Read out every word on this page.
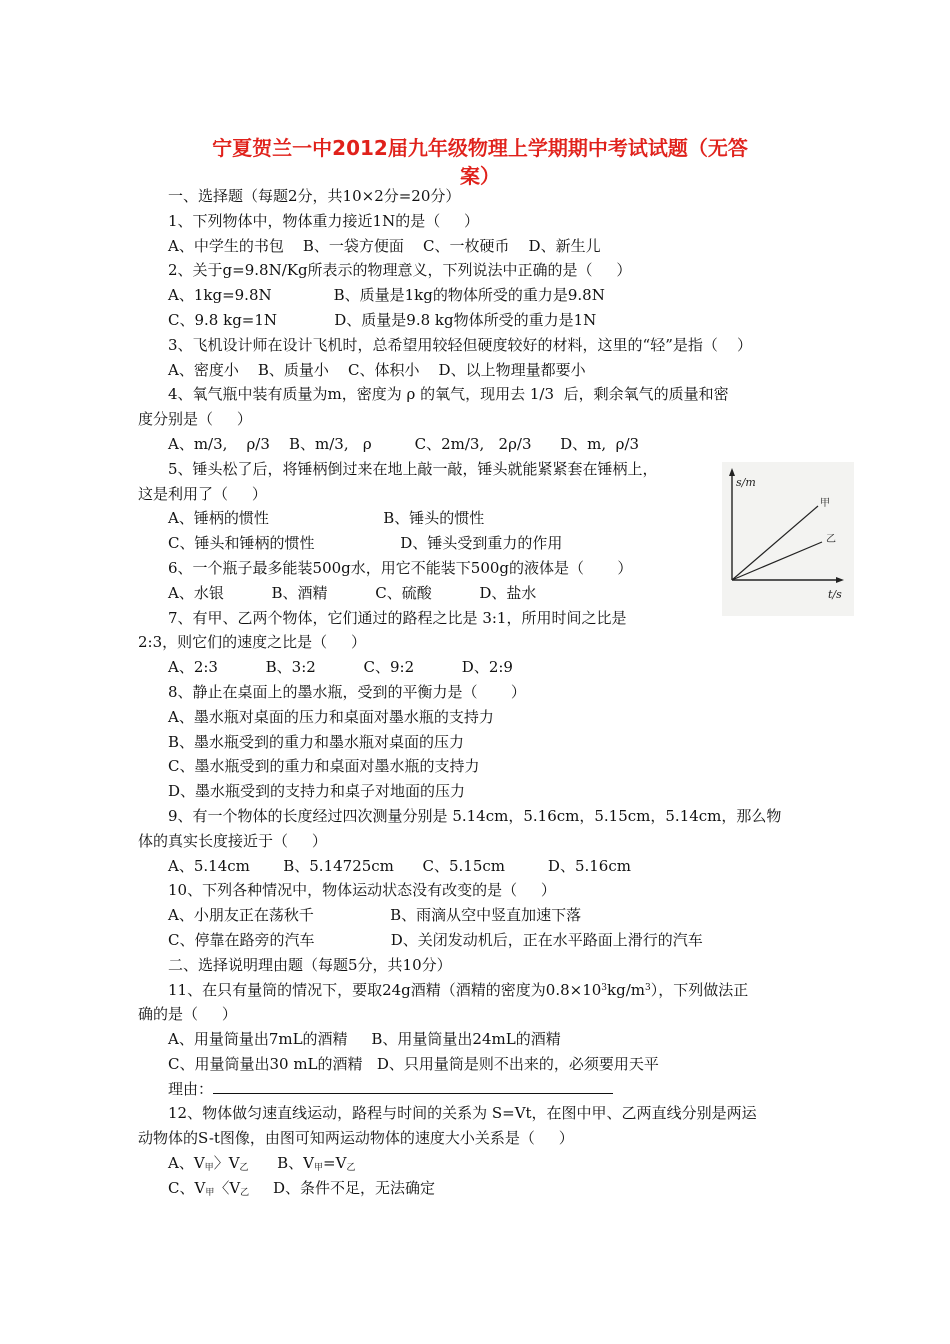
宁夏贺兰一中2012届九年级物理上学期期中考试试题（无答
案）
一、选择题（每题2分，共10×2分=20分）
1、下列物体中，物体重力接近1N的是（     ）
A、中学生的书包    B、一袋方便面    C、一枚硬币    D、新生儿
2、关于g=9.8N/Kg所表示的物理意义，下列说法中正确的是（     ）
A、1kg=9.8N             B、质量是1kg的物体所受的重力是9.8N
C、9.8 kg=1N            D、质量是9.8 kg物体所受的重力是1N
3、飞机设计师在设计飞机时，总希望用较轻但硬度较好的材料，这里的“轻”是指（    ）
A、密度小    B、质量小    C、体积小    D、以上物理量都要小
4、氧气瓶中装有质量为m，密度为 ρ 的氧气，现用去 1/3  后，剩余氧气的质量和密
度分别是（     ）
A、m/3,    ρ/3    B、m/3,   ρ         C、2m/3,   2ρ/3      D、m,  ρ/3
5、锤头松了后，将锤柄倒过来在地上敲一敲，锤头就能紧紧套在锤柄上，
这是利用了（     ）
A、锤柄的惯性                        B、锤头的惯性
C、锤头和锤柄的惯性                  D、锤头受到重力的作用
6、一个瓶子最多能装500g水，用它不能装下500g的液体是（       ）
A、水银          B、酒精          C、硫酸          D、盐水
7、有甲、乙两个物体，它们通过的路程之比是 3:1，所用时间之比是
2:3，则它们的速度之比是（     ）
A、2:3          B、3:2          C、9:2          D、2:9
8、静止在桌面上的墨水瓶，受到的平衡力是（       ）
A、墨水瓶对桌面的压力和桌面对墨水瓶的支持力
B、墨水瓶受到的重力和墨水瓶对桌面的压力
C、墨水瓶受到的重力和桌面对墨水瓶的支持力
D、墨水瓶受到的支持力和桌子对地面的压力
9、有一个物体的长度经过四次测量分别是 5.14cm，5.16cm，5.15cm，5.14cm，那么物
体的真实长度接近于（     ）
A、5.14cm       B、5.14725cm      C、5.15cm         D、5.16cm
10、下列各种情况中，物体运动状态没有改变的是（     ）
A、小朋友正在荡秋千                B、雨滴从空中竖直加速下落
C、停靠在路旁的汽车                D、关闭发动机后，正在水平路面上滑行的汽车
二、选择说明理由题（每题5分，共10分）
11、在只有量筒的情况下，要取24g酒精（酒精的密度为$0.8\times 10^3kg/m^3$），下列做法正
确的是（     ）
A、用量筒量出7mL的酒精     B、用量筒量出24mL的酒精
C、用量筒量出30 mL的酒精   D、只用量筒是则不出来的，必须要用天平
理由：
12、物体做匀速直线运动，路程与时间的关系为 S=Vt，在图中甲、乙两直线分别是两运
动物体的S-t图像，由图可知两运动物体的速度大小关系是（     ）
A、$V_甲$〉$V_乙$      B、$V_甲=V_乙$
C、$V_甲$〈$V_乙$     D、条件不足，无法确定
s/m
t/s
甲
乙
